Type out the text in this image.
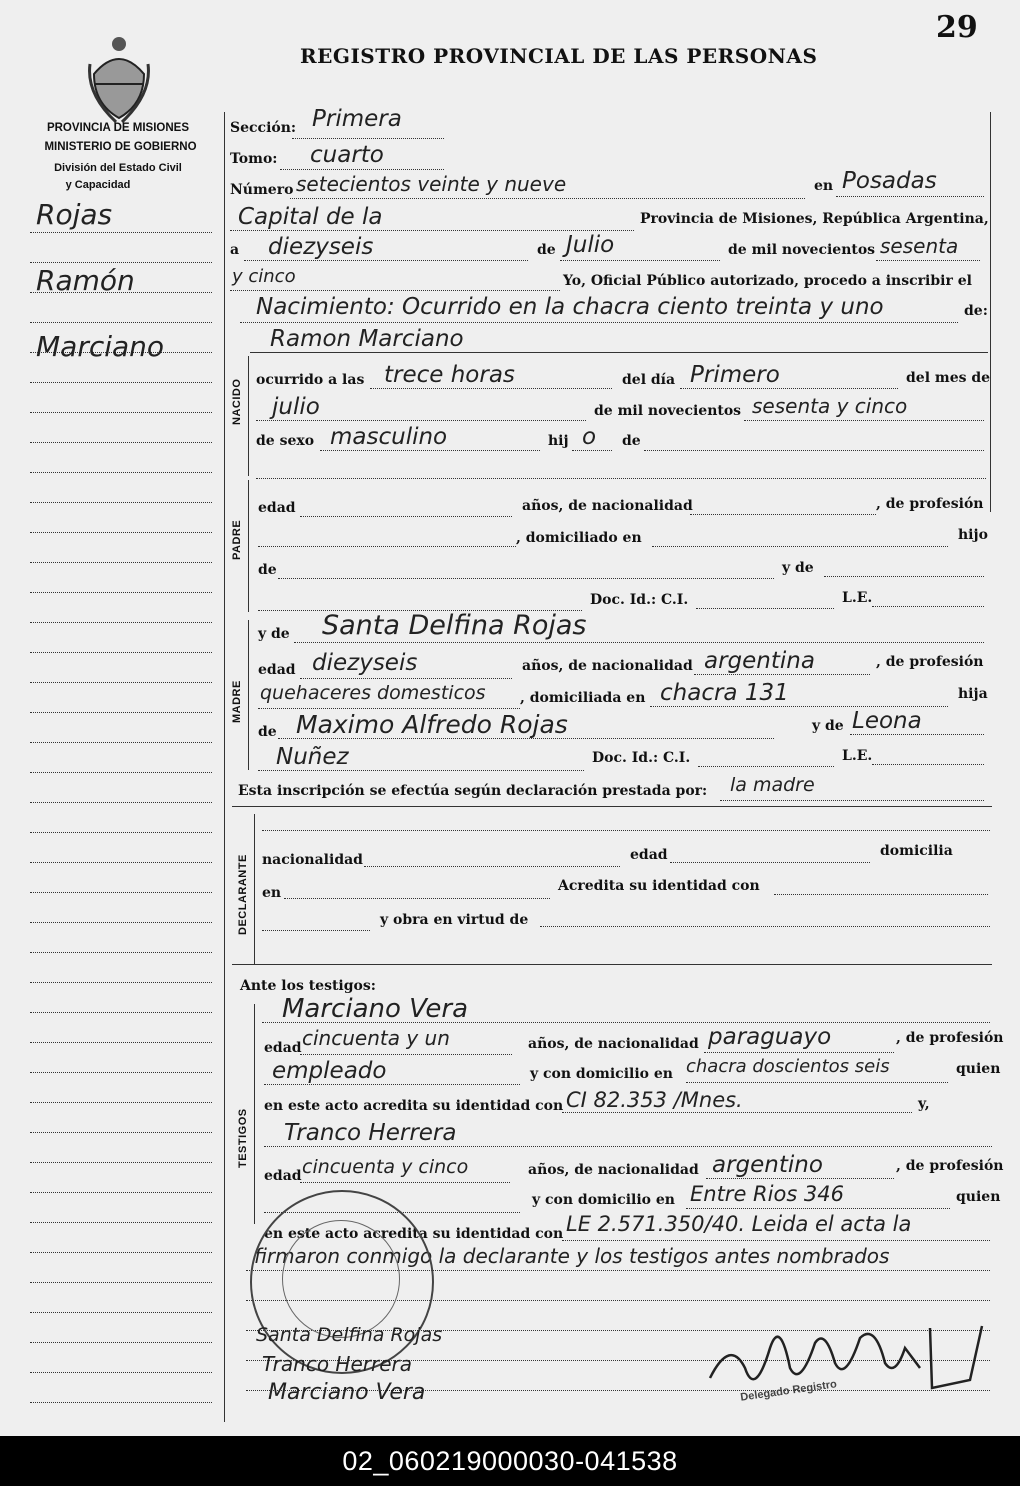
29
REGISTRO PROVINCIAL DE LAS PERSONAS
PROVINCIA DE MISIONES
MINISTERIO DE GOBIERNO
División del Estado Civil
y Capacidad
Rojas
Ramón
Marciano
NACIDO
PADRE
MADRE
DECLARANTE
TESTIGOS
Sección: Primera
Tomo: cuarto
Número setecientos veinte y nueve	en Posadas
Capital de la	Provincia de Misiones, República Argentina,
a diezyseis	de Julio	de mil novecientos sesenta
y cinco	Yo, Oficial Público autorizado, procedo a inscribir el
Nacimiento: Ocurrido en la chacra ciento treinta y uno	de:
Ramon Marciano
ocurrido a las trece horas	del día Primero	del mes de
julio	de mil novecientos sesenta y cinco
de sexo masculino	hij o de
edad	años, de nacionalidad	, de profesión
, domiciliado en	hijo
de	y de
Doc. Id.: C.I.	L.E.
y de Santa Delfina Rojas
edad diezyseis	años, de nacionalidad argentina	, de profesión
quehaceres domesticos , domiciliada en chacra 131	hija
de Maximo Alfredo Rojas	y de Leona
Nuñez	Doc. Id.: C.I.	L.E.
Esta inscripción se efectúa según declaración prestada por: la madre
nacionalidad	edad	domicilia
en	Acredita su identidad con
y obra en virtud de
Ante los testigos:
Marciano Vera
edad cincuenta y un	años, de nacionalidad paraguayo	, de profesión
empleado	y con domicilio en chacra doscientos seis	quien
en este acto acredita su identidad con CI 82.353 /Mnes.	y,
Tranco Herrera
edad cincuenta y cinco	años, de nacionalidad argentino	, de profesión
y con domicilio en Entre Rios 346	quien
en este acto acredita su identidad con LE 2.571.350/40. Leida el acta la
firmaron conmigo la declarante y los testigos antes nombrados
Santa Delfina Rojas
Tranco Herrera
Marciano Vera	Delegado Registro
02_060219000030-041538
